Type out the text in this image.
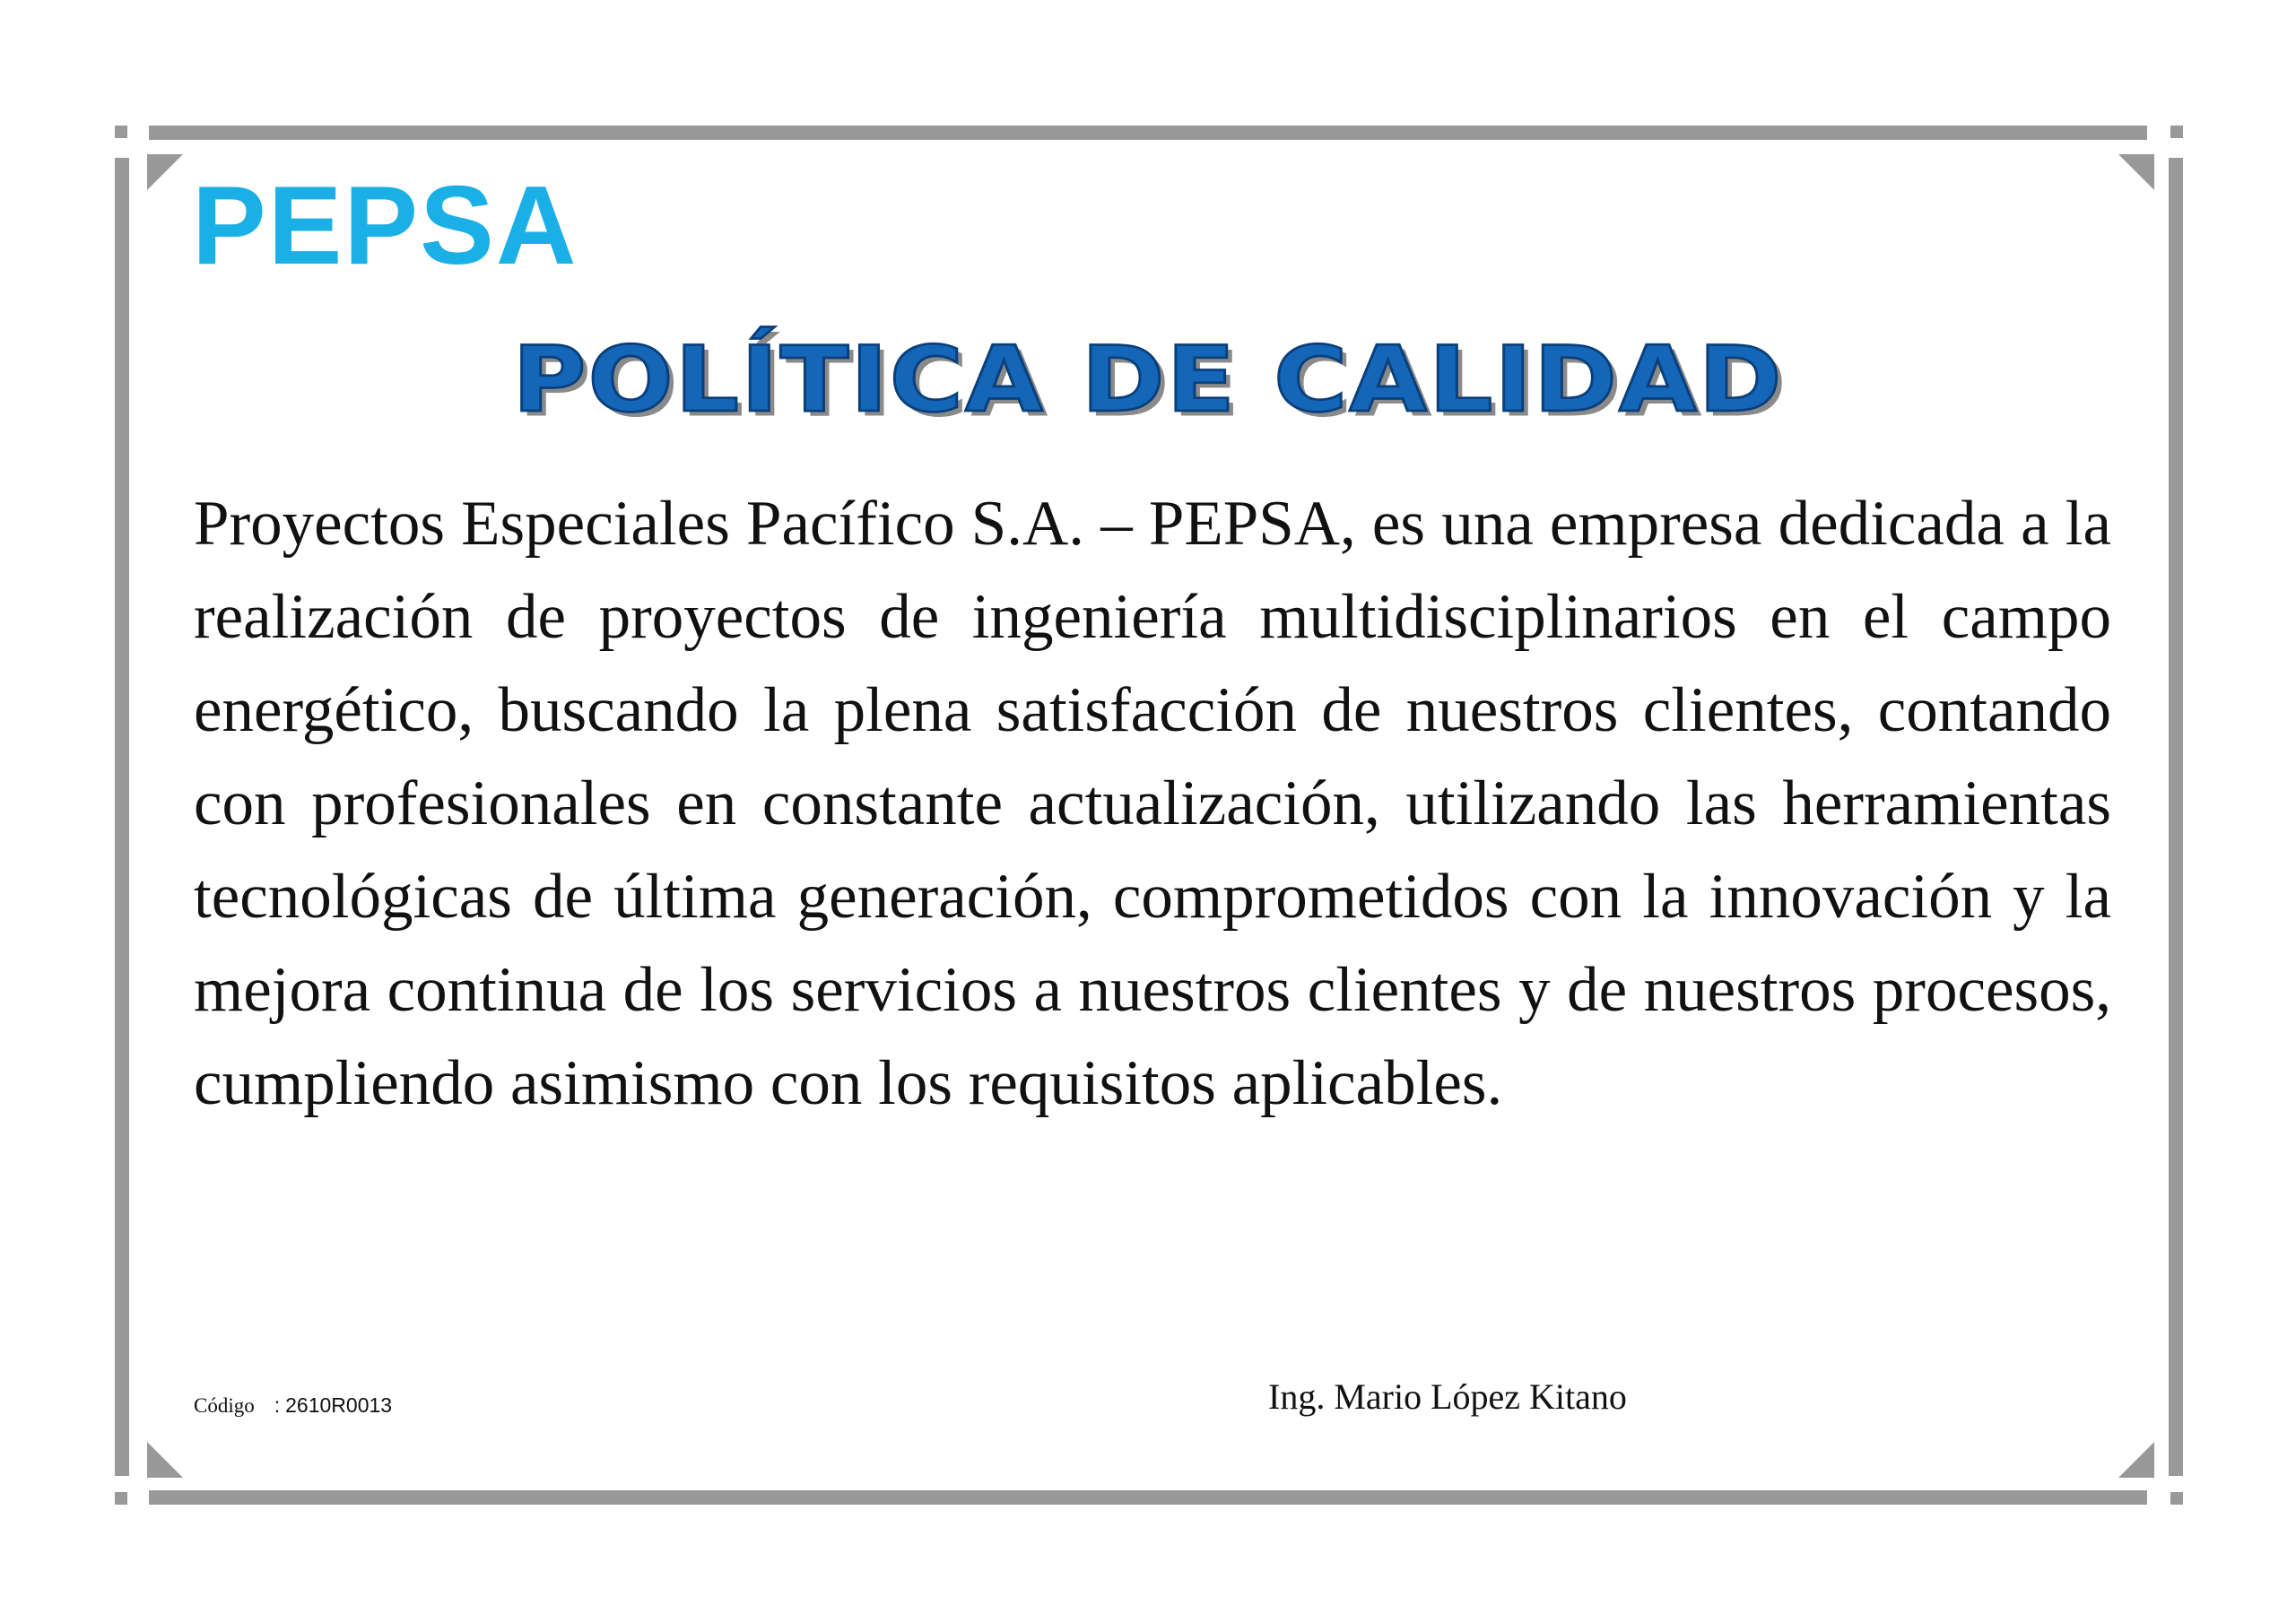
PEPSA
POLÍTICA DE CALIDAD

Proyectos Especiales Pacífico S.A. – PEPSA, es una empresa dedicada a la realización de proyectos de ingeniería multidisciplinarios en el campo energético, buscando la plena satisfacción de nuestros clientes, contando con profesionales en constante actualización, utilizando las herramientas tecnológicas de última generación, comprometidos con la innovación y la mejora continua de los servicios a nuestros clientes y de nuestros procesos, cumpliendo asimismo con los requisitos aplicables.

Código : 2610R0013	Ing. Mario López Kitano
